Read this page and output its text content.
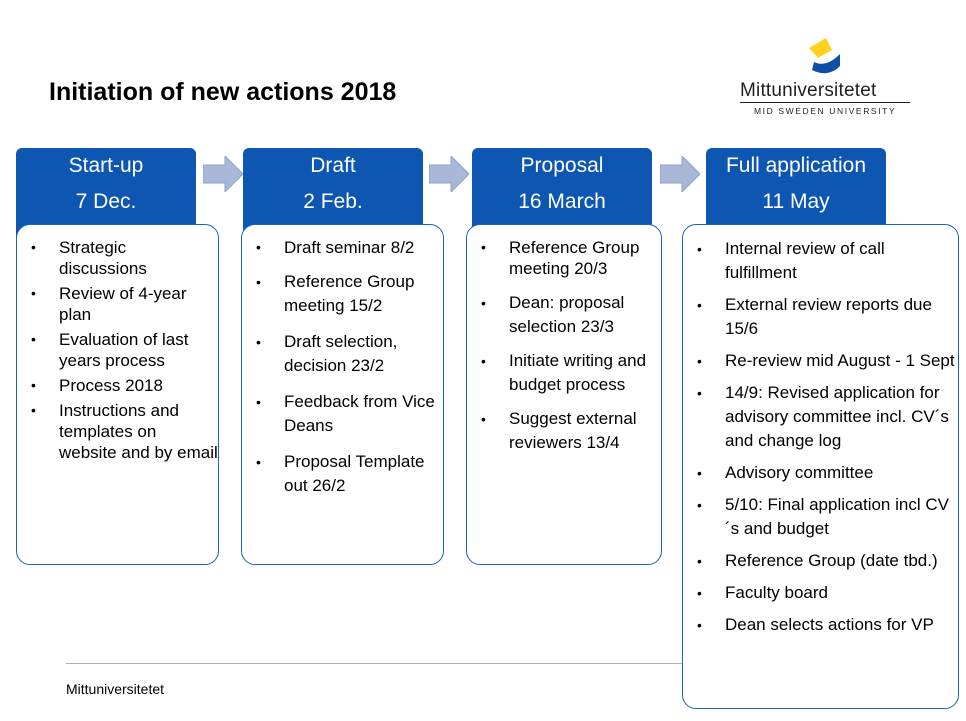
Initiation of new actions 2018	Mittuniversitetet
MID SWEDEN UNIVERSITY
Start-up
7 Dec.
• Strategic discussions
• Review of 4-year plan
• Evaluation of last years process
• Process 2018
• Instructions and templates on website and by email
Draft
2 Feb.
• Draft seminar 8/2
• Reference Group meeting 15/2
• Draft selection, decision 23/2
• Feedback from Vice Deans
• Proposal Template out 26/2
Proposal
16 March
• Reference Group meeting 20/3
• Dean: proposal selection 23/3
• Initiate writing and budget process
• Suggest external reviewers 13/4
Full application
11 May
• Internal review of call fulfillment
• External review reports due 15/6
• Re-review mid August - 1 Sept
• 14/9: Revised application for advisory committee incl. CV´s and change log
• Advisory committee
• 5/10: Final application incl CV´s and budget
• Reference Group (date tbd.)
• Faculty board
• Dean selects actions for VP
Mittuniversitetet
